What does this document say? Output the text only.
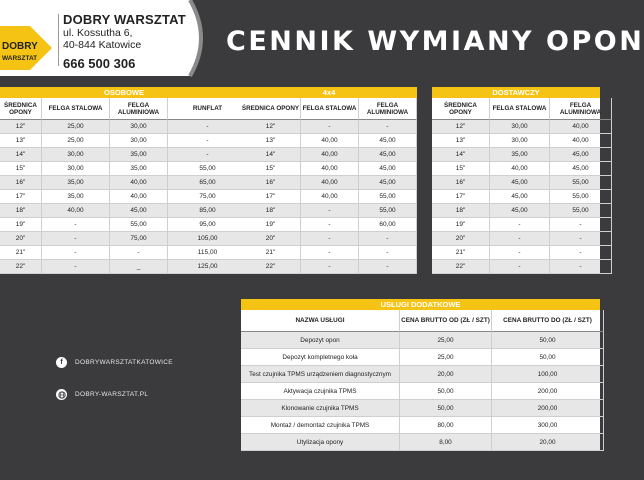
DOBRY
WARSZTAT
DOBRY WARSZTAT
ul. Kossutha 6,
40-844 Katowice
666 500 306
CENNIK WYMIANY OPON
OSOBOWE
ŚREDNICA OPONY	FELGA STALOWA	FELGA ALUMINIOWA	RUNFLAT
12"	25,00	30,00	-
13"	25,00	30,00	-
14"	30,00	35,00	-
15"	30,00	35,00	55,00
16"	35,00	40,00	65,00
17"	35,00	40,00	75,00
18"	40,00	45,00	85,00
19"	-	55,00	95,00
20"	-	75,00	105,00
21"	-	-	115,00
22"	-	_	125,00
4x4
ŚREDNICA OPONY FELGA STALOWA	FELGA ALUMINIOWA
12"	-	-
13"	40,00	45,00
14"	40,00	45,00
15"	40,00	45,00
16"	40,00	45,00
17"	40,00	55,00
18"	-	55,00
19"	-	60,00
20"	-	-
21"	-	-
22"	-	-
DOSTAWCZY
ŚREDNICA OPONY	FELGA STALOWA	FELGA ALUMINIOWA
12"	30,00	40,00
13"	30,00	40,00
14"	35,00	45,00
15"	40,00	45,00
16"	45,00	55,00
17"	45,00	55,00
18"	45,00	55,00
19"	-	-
20"	-	-
21"	-	-
22"	-	-
USŁUGI DODATKOWE
NAZWA USŁUGI	CENA BRUTTO OD (ZŁ / SZT)	CENA BRUTTO DO (ZŁ / SZT)
Depozyt opon	25,00	50,00
Depozyt kompletnego koła	25,00	50,00
Test czujnika TPMS urządzeniem diagnostycznym	20,00	100,00
Aktywacja czujnika TPMS	50,00	200,00
Klonowanie czujnika TPMS	50,00	200,00
Montaż / demontaż czujnika TPMS	80,00	300,00
Utylizacja opony	8,00	20,00
f	DOBRYWARSZTATKATOWICE
DOBRY-WARSZTAT.PL
